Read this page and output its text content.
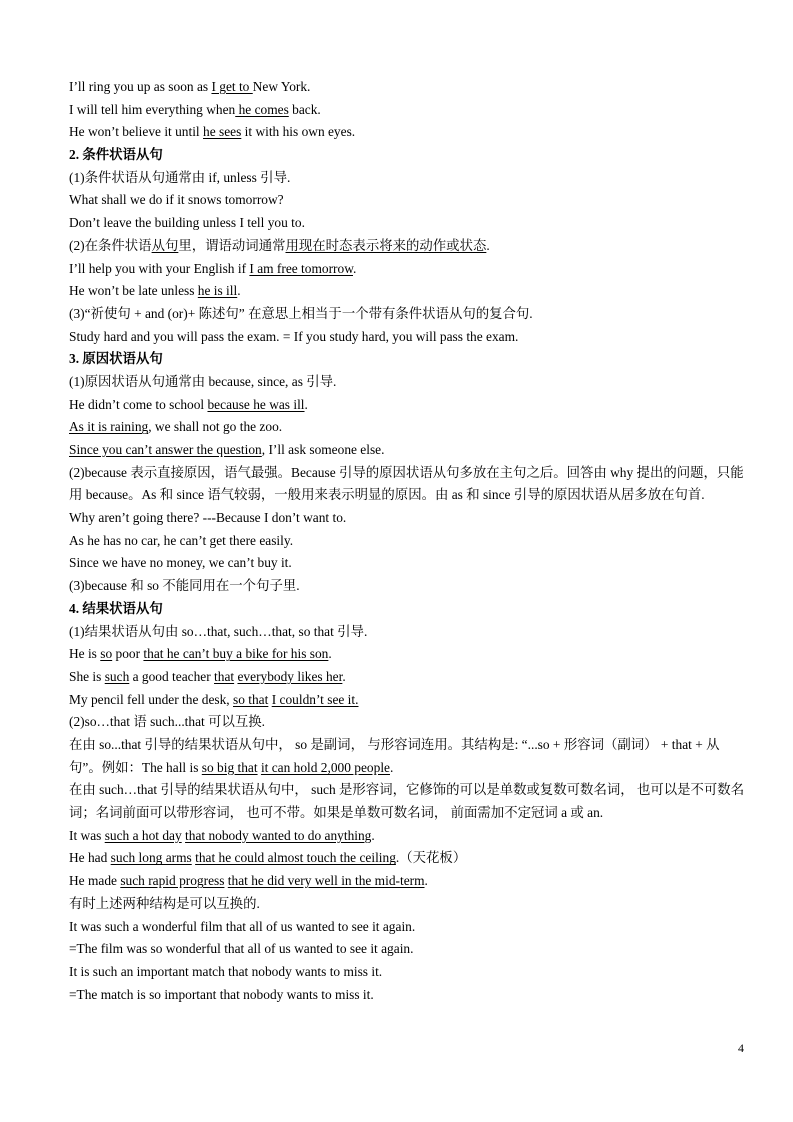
I’ll ring you up as soon as I get to New York.
I will tell him everything when he comes back.
He won’t believe it until he sees it with his own eyes.
2. 条件状语从句
(1)条件状语从句通常由 if, unless 引导.
What shall we do if it snows tomorrow?
Don’t leave the building unless I tell you to.
(2)在条件状语从句里，谓语动词通常用现在时态表示将来的动作或状态.
I’ll help you with your English if I am free tomorrow.
He won’t be late unless he is ill.
(3)“祈使句 + and (or)+ 陈述句” 在意思上相当于一个带有条件状语从句的复合句.
Study hard and you will pass the exam. = If you study hard, you will pass the exam.
3. 原因状语从句
(1)原因状语从句通常由 because, since, as 引导.
He didn’t come to school because he was ill.
As it is raining, we shall not go the zoo.
Since you can’t answer the question, I’ll ask someone else.
(2)because 表示直接原因，语气最强。Because 引导的原因状语从句多放在主句之后。回答由 why 提出的问题，只能用 because。As 和 since 语气较弱，一般用来表示明显的原因。由 as 和 since 引导的原因状语从居多放在句首.
Why aren’t going there? ---Because I don’t want to.
As he has no car, he can’t get there easily.
Since we have no money, we can’t buy it.
(3)because 和 so 不能同用在一个句子里.
4. 结果状语从句
(1)结果状语从句由 so…that, such…that, so that 引导.
He is so poor that he can’t buy a bike for his son.
She is such a good teacher that everybody likes her.
My pencil fell under the desk, so that I couldn’t see it.
(2)so…that 语 such...that 可以互换.
在由 so...that 引导的结果状语从句中， so 是副词， 与形容词连用。其结构是: “...so + 形容词（副词） + that + 从句”。例如：The hall is so big that it can hold 2,000 people.
在由 such…that 引导的结果状语从句中， such 是形容词，它修饰的可以是单数或复数可数名词， 也可以是不可数名词；名词前面可以带形容词， 也可不带。如果是单数可数名词， 前面需加不定冠词 a 或 an.
It was such a hot day that nobody wanted to do anything.
He had such long arms that he could almost touch the ceiling.（天花板）
He made such rapid progress that he did very well in the mid-term.
有时上述两种结构是可以互换的.
It was such a wonderful film that all of us wanted to see it again.
=The film was so wonderful that all of us wanted to see it again.
It is such an important match that nobody wants to miss it.
=The match is so important that nobody wants to miss it.
4
